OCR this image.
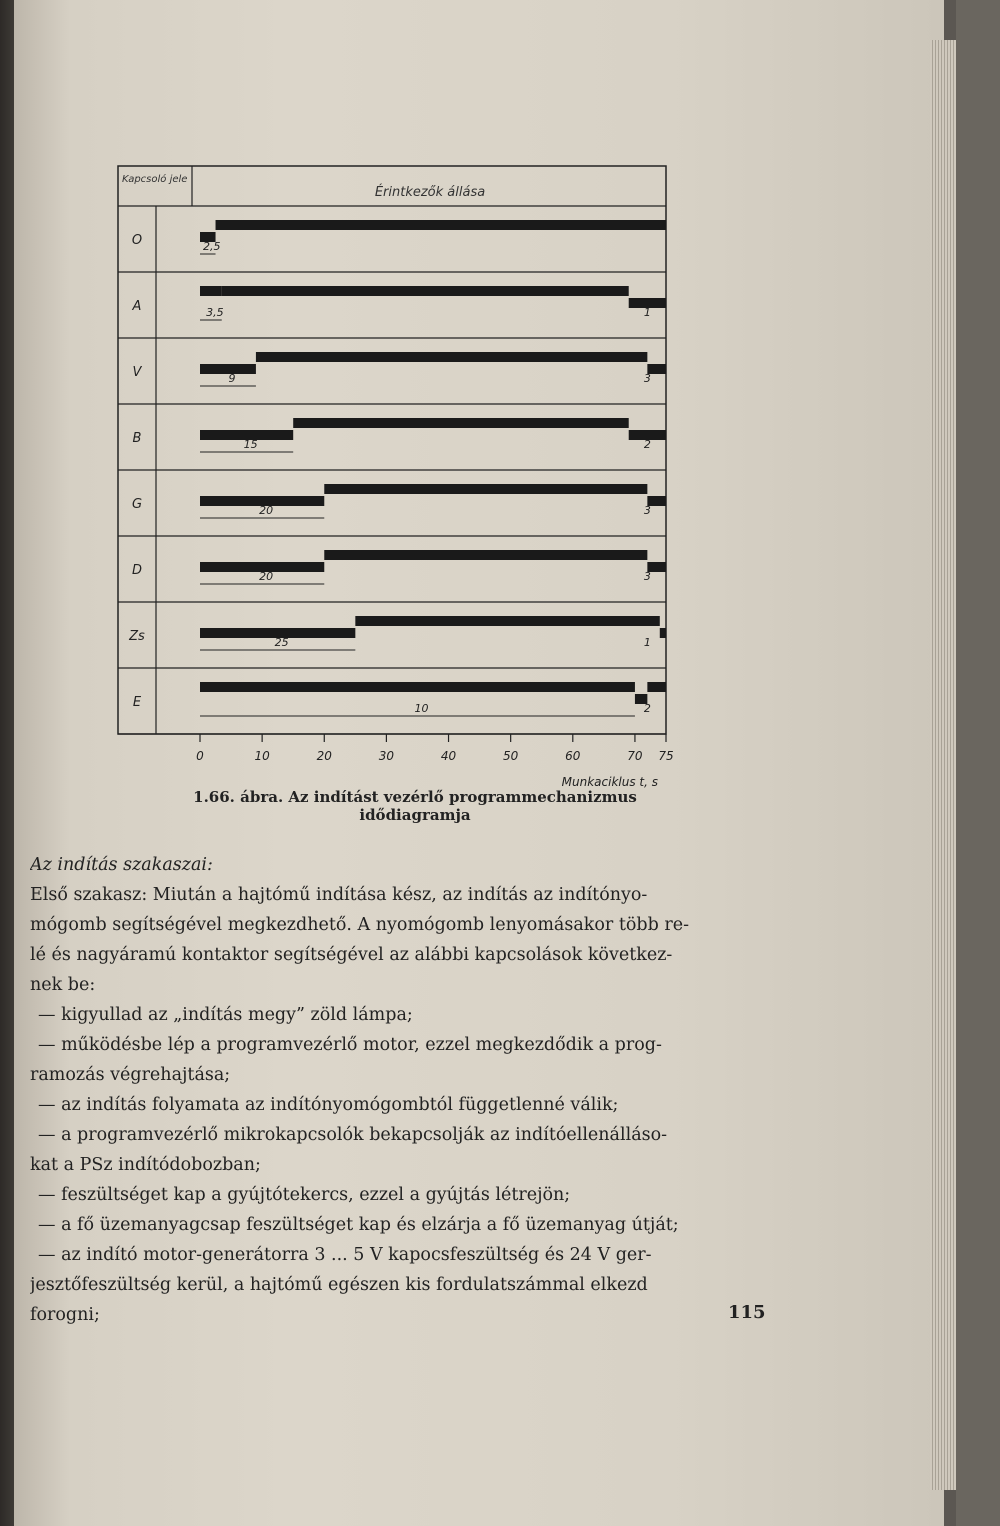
Kapcsoló jele
Érintkezők állása
O
A
V
B
G
D
Zs
E
2,5
3,5	1
9	3
15	2
20	3
20	3
25	1
10	2
0	10	20	30	40	50	60	70 75
Munkaciklus t, s
1.66. ábra. Az indítást vezérlő programmechanizmus
idődiagramja
Az indítás szakaszai:
Első szakasz: Miután a hajtómű indítása kész, az indítás az indítónyo-
mógomb segítségével megkezdhető. A nyomógomb lenyomásakor több re-
lé és nagyáramú kontaktor segítségével az alábbi kapcsolások következ-
nek be:
— kigyullad az „indítás megy” zöld lámpa;
— működésbe lép a programvezérlő motor, ezzel megkezdődik a prog-
ramozás végrehajtása;
— az indítás folyamata az indítónyomógombtól függetlenné válik;
— a programvezérlő mikrokapcsolók bekapcsolják az indítóellenálláso-
kat a PSz indítódobozban;
— feszültséget kap a gyújtótekercs, ezzel a gyújtás létrejön;
— a fő üzemanyagcsap feszültséget kap és elzárja a fő üzemanyag útját;
— az indító motor-generátorra 3 ... 5 V kapocsfeszültség és 24 V ger-
jesztőfeszültség kerül, a hajtómű egészen kis fordulatszámmal elkezd
forogni;	115
